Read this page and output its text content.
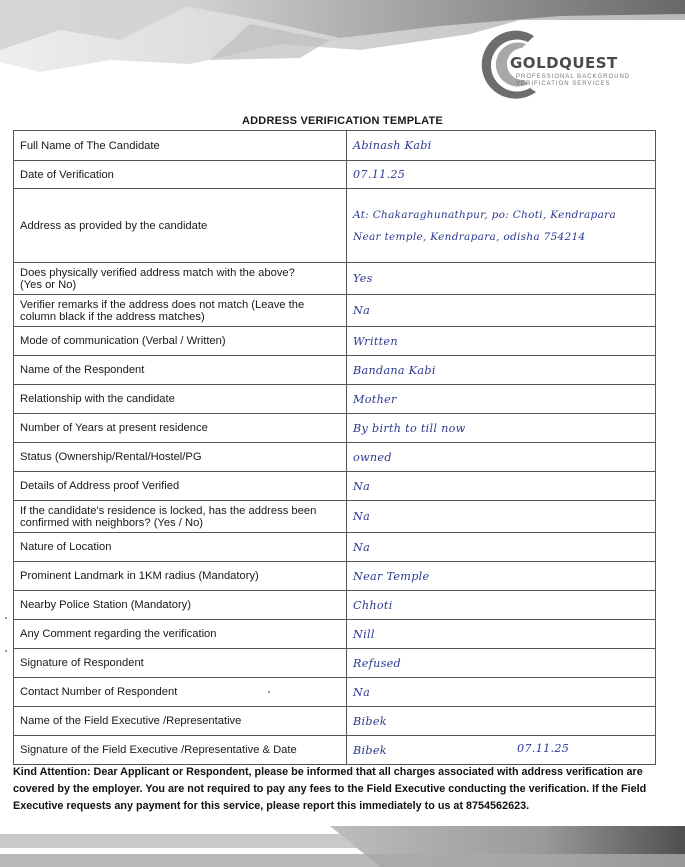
GOLDQUEST
PROFESSIONAL BACKGROUND
VERIFICATION SERVICES
ADDRESS VERIFICATION TEMPLATE
Full Name of The Candidate	Abinash Kabi
Date of Verification	07.11.25
Address as provided by the candidate	At: Chakaraghunathpur, po: Choti, Kendrapara
Near temple, Kendrapara, odisha 754214

Does physically verified address match with the above?
(Yes or No)	Yes

Verifier remarks if the address does not match (Leave the
column black if the address matches)	Na
Mode of communication (Verbal / Written)	Written
Name of the Respondent	Bandana Kabi
Relationship with the candidate	Mother
Number of Years at present residence	By birth to till now
Status (Ownership/Rental/Hostel/PG	owned
Details of Address proof Verified	Na

If the candidate's residence is locked, has the address been
confirmed with neighbors? (Yes / No)	Na
Nature of Location	Na
Prominent Landmark in 1KM radius (Mandatory)	Near Temple
Nearby Police Station (Mandatory)	Chhoti
Any Comment regarding the verification	Nill
Signature of Respondent	Refused
Contact Number of Respondent	Na
Name of the Field Executive /Representative	Bibek
Signature of the Field Executive /Representative & Date	Bibek 07.11.25
Kind Attention: Dear Applicant or Respondent, please be informed that all charges associated with address verification are covered by the employer. You are not required to pay any fees to the Field Executive conducting the verification. If the Field Executive requests any payment for this service, please report this immediately to us at 8754562623.
